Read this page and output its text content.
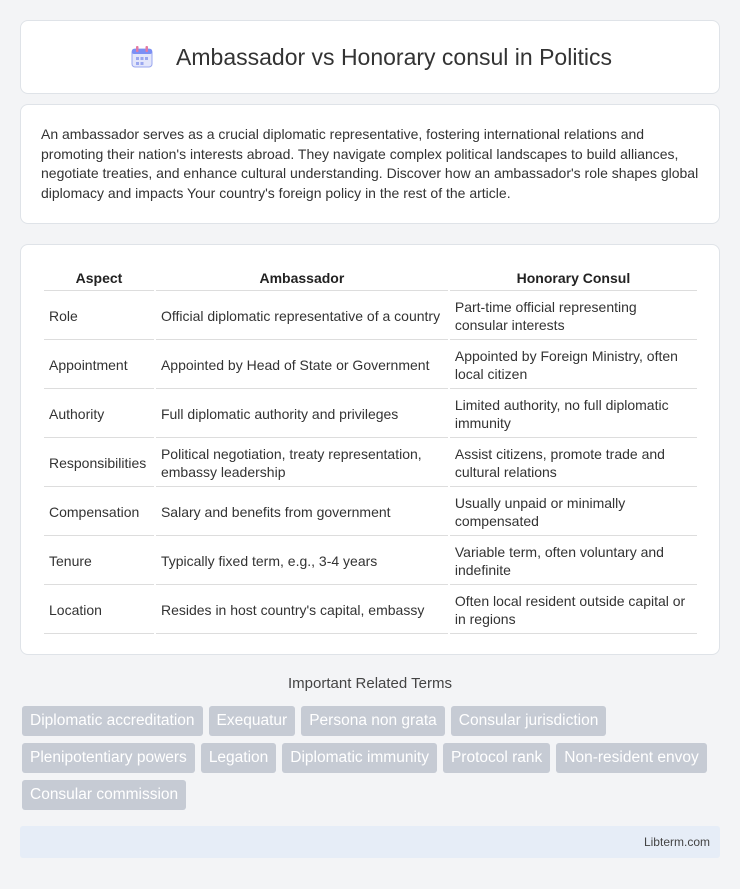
Ambassador vs Honorary consul in Politics

An ambassador serves as a crucial diplomatic representative, fostering international relations and promoting their nation's interests abroad. They navigate complex political landscapes to build alliances, negotiate treaties, and enhance cultural understanding. Discover how an ambassador's role shapes global diplomacy and impacts Your country's foreign policy in the rest of the article.

Aspect	Ambassador	Honorary Consul
Role	Official diplomatic representative of a country	Part-time official representing consular interests
Appointment	Appointed by Head of State or Government	Appointed by Foreign Ministry, often local citizen
Authority	Full diplomatic authority and privileges	Limited authority, no full diplomatic immunity
Responsibilities	Political negotiation, treaty representation, embassy leadership	Assist citizens, promote trade and cultural relations
Compensation	Salary and benefits from government	Usually unpaid or minimally compensated
Tenure	Typically fixed term, e.g., 3-4 years	Variable term, often voluntary and indefinite
Location	Resides in host country's capital, embassy	Often local resident outside capital or in regions
Important Related Terms
Diplomatic accreditation	Exequatur	Persona non grata	Consular jurisdiction
Plenipotentiary powers	Legation	Diplomatic immunity	Protocol rank	Non-resident envoy
Consular commission
Libterm.com
